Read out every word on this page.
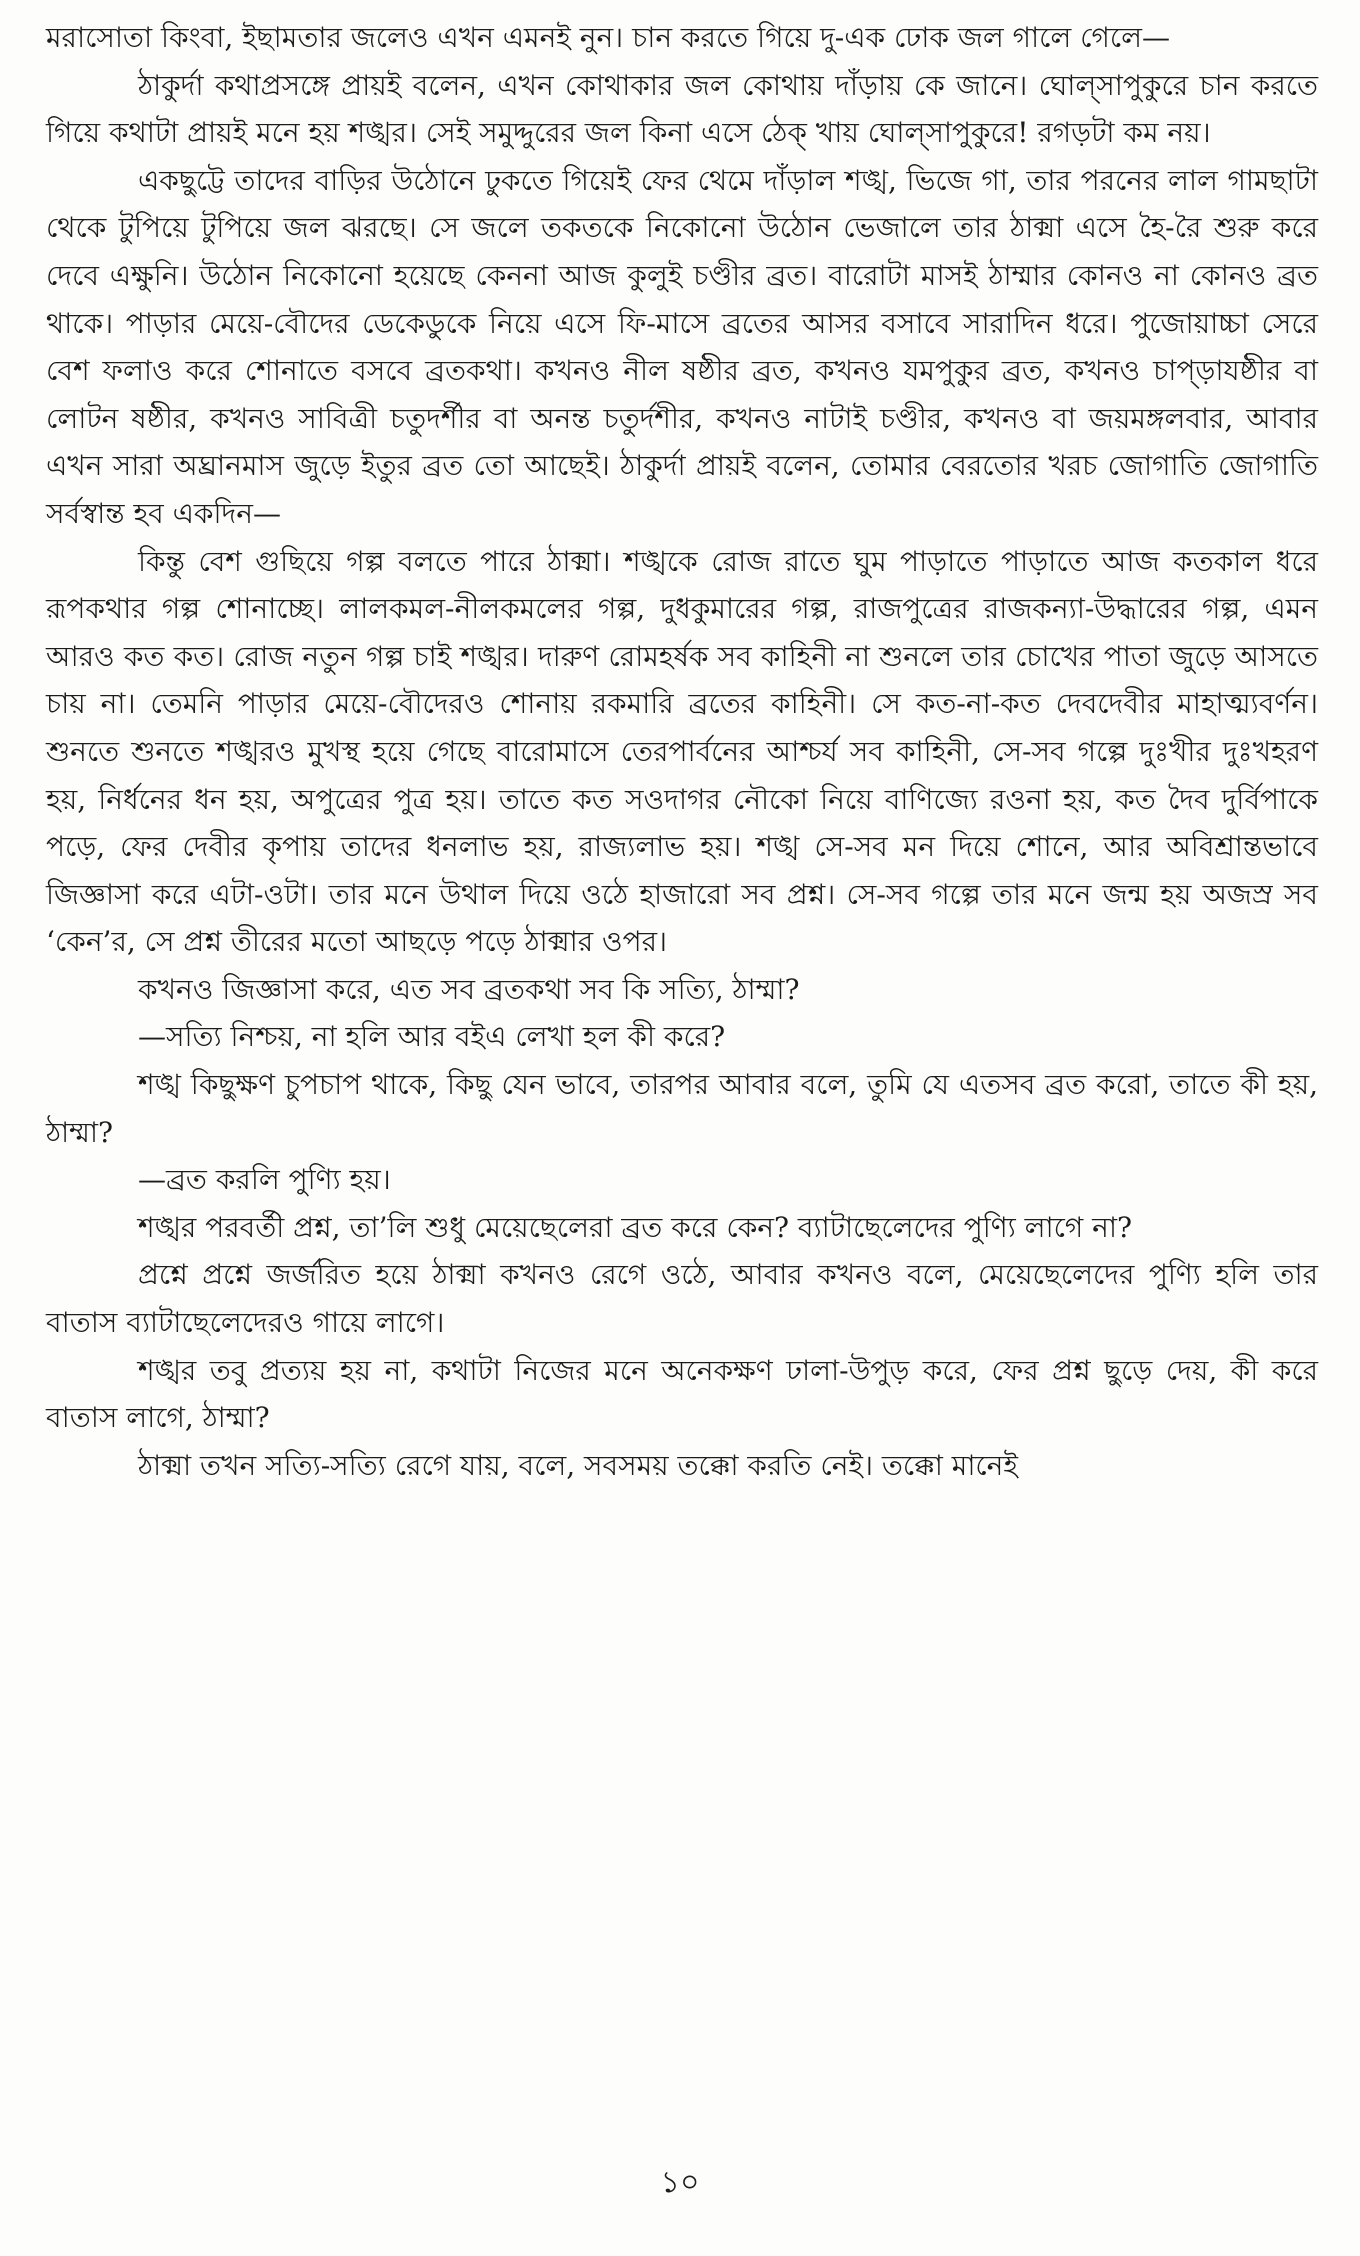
মরাসোতা কিংবা, ইছামতার জলেও এখন এমনই নুন। চান করতে গিয়ে দু-এক ঢোক জল গালে গেলে—

ঠাকুর্দা কথাপ্রসঙ্গে প্রায়ই বলেন, এখন কোথাকার জল কোথায় দাঁড়ায় কে জানে। ঘোল্সাপুকুরে চান করতে গিয়ে কথাটা প্রায়ই মনে হয় শঙ্খর। সেই সমুদ্দুরের জল কিনা এসে ঠেক্ খায় ঘোল্সাপুকুরে! রগড়টা কম নয়।

একছুট্টে তাদের বাড়ির উঠোনে ঢুকতে গিয়েই ফের থেমে দাঁড়াল শঙ্খ, ভিজে গা, তার পরনের লাল গামছাটা থেকে টুপিয়ে টুপিয়ে জল ঝরছে। সে জলে তকতকে নিকোনো উঠোন ভেজালে তার ঠাক্মা এসে হৈ-রৈ শুরু করে দেবে এক্ষুনি। উঠোন নিকোনো হয়েছে কেননা আজ কুলুই চণ্ডীর ব্রত। বারোটা মাসই ঠাম্মার কোনও না কোনও ব্রত থাকে। পাড়ার মেয়ে-বৌদের ডেকেডুকে নিয়ে এসে ফি-মাসে ব্রতের আসর বসাবে সারাদিন ধরে। পুজোয়াচ্চা সেরে বেশ ফলাও করে শোনাতে বসবে ব্রতকথা। কখনও নীল ষষ্ঠীর ব্রত, কখনও যমপুকুর ব্রত, কখনও চাপ্ড়াযষ্ঠীর বা লোটন ষষ্ঠীর, কখনও সাবিত্রী চতুদর্শীর বা অনন্ত চতুর্দশীর, কখনও নাটাই চণ্ডীর, কখনও বা জয়মঙ্গলবার, আবার এখন সারা অঘ্রানমাস জুড়ে ইতুর ব্রত তো আছেই। ঠাকুর্দা প্রায়ই বলেন, তোমার বেরতোর খরচ জোগাতি জোগাতি সর্বস্বান্ত হব একদিন—

কিন্তু বেশ গুছিয়ে গল্প বলতে পারে ঠাক্মা। শঙ্খকে রোজ রাতে ঘুম পাড়াতে পাড়াতে আজ কতকাল ধরে রূপকথার গল্প শোনাচ্ছে। লালকমল-নীলকমলের গল্প, দুধকুমারের গল্প, রাজপুত্রের রাজকন্যা-উদ্ধারের গল্প, এমন আরও কত কত। রোজ নতুন গল্প চাই শঙ্খর। দারুণ রোমহর্ষক সব কাহিনী না শুনলে তার চোখের পাতা জুড়ে আসতে চায় না। তেমনি পাড়ার মেয়ে-বৌদেরও শোনায় রকমারি ব্রতের কাহিনী। সে কত-না-কত দেবদেবীর মাহাত্ম্যবর্ণন। শুনতে শুনতে শঙ্খরও মুখস্থ হয়ে গেছে বারোমাসে তেরপার্বনের আশ্চর্য সব কাহিনী, সে-সব গল্পে দুঃখীর দুঃখহরণ হয়, নির্ধনের ধন হয়, অপুত্রের পুত্র হয়। তাতে কত সওদাগর নৌকো নিয়ে বাণিজ্যে রওনা হয়, কত দৈব দুর্বিপাকে পড়ে, ফের দেবীর কৃপায় তাদের ধনলাভ হয়, রাজ্যলাভ হয়। শঙ্খ সে-সব মন দিয়ে শোনে, আর অবিশ্রান্তভাবে জিজ্ঞাসা করে এটা-ওটা। তার মনে উথাল দিয়ে ওঠে হাজারো সব প্রশ্ন। সে-সব গল্পে তার মনে জন্ম হয় অজস্র সব ‘কেন’র, সে প্রশ্ন তীরের মতো আছড়ে পড়ে ঠাক্মার ওপর।

কখনও জিজ্ঞাসা করে, এত সব ব্রতকথা সব কি সত্যি, ঠাম্মা?

—সত্যি নিশ্চয়, না হলি আর বইএ লেখা হল কী করে?

শঙ্খ কিছুক্ষণ চুপচাপ থাকে, কিছু যেন ভাবে, তারপর আবার বলে, তুমি যে এতসব ব্রত করো, তাতে কী হয়, ঠাম্মা?

—ব্রত করলি পুণ্যি হয়।

শঙ্খর পরবর্তী প্রশ্ন, তা’লি শুধু মেয়েছেলেরা ব্রত করে কেন? ব্যাটাছেলেদের পুণ্যি লাগে না?

প্রশ্নে প্রশ্নে জর্জরিত হয়ে ঠাক্মা কখনও রেগে ওঠে, আবার কখনও বলে, মেয়েছেলেদের পুণ্যি হলি তার বাতাস ব্যাটাছেলেদেরও গায়ে লাগে।

শঙ্খর তবু প্রত্যয় হয় না, কথাটা নিজের মনে অনেকক্ষণ ঢালা-উপুড় করে, ফের প্রশ্ন ছুড়ে দেয়, কী করে বাতাস লাগে, ঠাম্মা?

ঠাক্মা তখন সত্যি-সত্যি রেগে যায়, বলে, সবসময় তক্কো করতি নেই। তক্কো মানেই

১০
